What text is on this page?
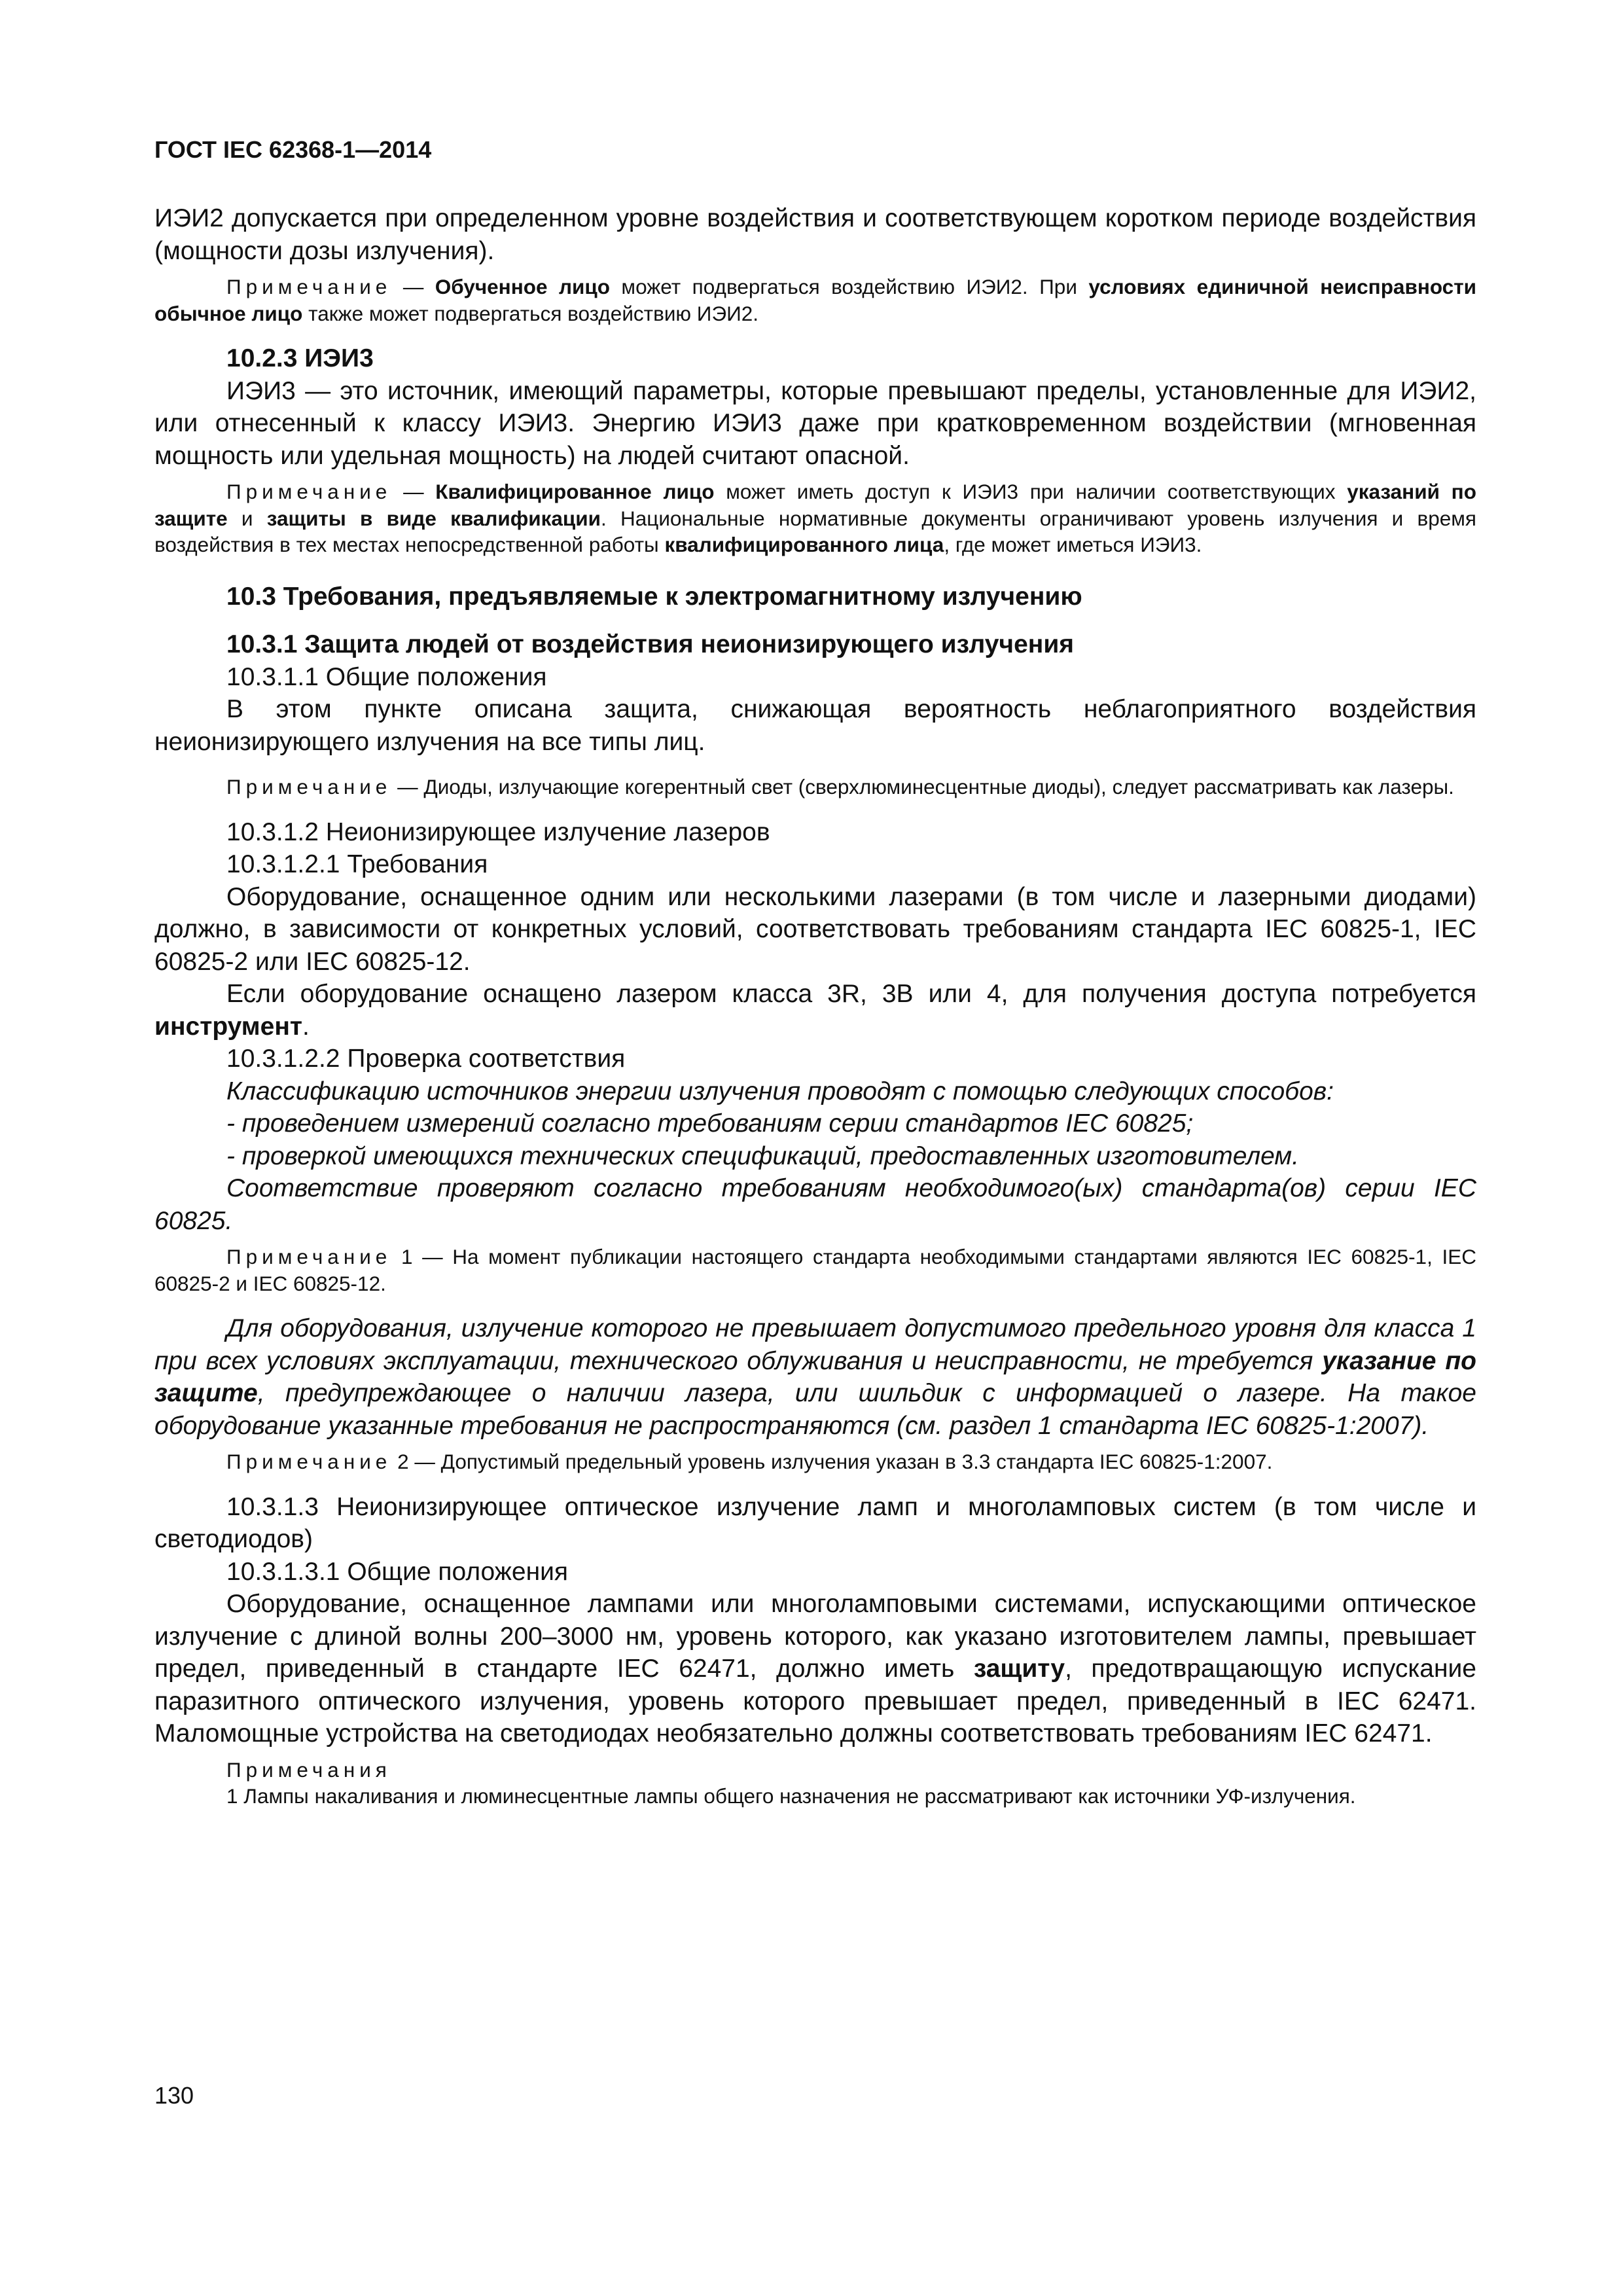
ГОСТ IEC 62368-1—2014

ИЭИ2 допускается при определенном уровне воздействия и соответствующем коротком периоде воздействия (мощности дозы излучения).

Примечание — Обученное лицо может подвергаться воздействию ИЭИ2. При условиях единичной неисправности обычное лицо также может подвергаться воздействию ИЭИ2.

10.2.3 ИЭИ3

ИЭИ3 — это источник, имеющий параметры, которые превышают пределы, установленные для ИЭИ2, или отнесенный к классу ИЭИ3. Энергию ИЭИ3 даже при кратковременном воздействии (мгновенная мощность или удельная мощность) на людей считают опасной.

Примечание — Квалифицированное лицо может иметь доступ к ИЭИ3 при наличии соответствующих указаний по защите и защиты в виде квалификации. Национальные нормативные документы ограничивают уровень излучения и время воздействия в тех местах непосредственной работы квалифицированного лица, где может иметься ИЭИ3.

10.3 Требования, предъявляемые к электромагнитному излучению

10.3.1 Защита людей от воздействия неионизирующего излучения

10.3.1.1 Общие положения

В этом пункте описана защита, снижающая вероятность неблагоприятного воздействия неионизирующего излучения на все типы лиц.

Примечание — Диоды, излучающие когерентный свет (сверхлюминесцентные диоды), следует рассматривать как лазеры.

10.3.1.2 Неионизирующее излучение лазеров

10.3.1.2.1 Требования

Оборудование, оснащенное одним или несколькими лазерами (в том числе и лазерными диодами) должно, в зависимости от конкретных условий, соответствовать требованиям стандарта IEC 60825-1, IEC 60825-2 или IEC 60825-12.

Если оборудование оснащено лазером класса 3R, 3B или 4, для получения доступа потребуется инструмент.

10.3.1.2.2 Проверка соответствия

Классификацию источников энергии излучения проводят с помощью следующих способов:

- проведением измерений согласно требованиям серии стандартов IEC 60825;

- проверкой имеющихся технических спецификаций, предоставленных изготовителем.

Соответствие проверяют согласно требованиям необходимого(ых) стандарта(ов) серии IEC 60825.

Примечание 1 — На момент публикации настоящего стандарта необходимыми стандартами являются IEC 60825-1, IEC 60825-2 и IEC 60825-12.

Для оборудования, излучение которого не превышает допустимого предельного уровня для класса 1 при всех условиях эксплуатации, технического облуживания и неисправности, не требуется указание по защите, предупреждающее о наличии лазера, или шильдик с информацией о лазере. На такое оборудование указанные требования не распространяются (см. раздел 1 стандарта IEC 60825-1:2007).

Примечание 2 — Допустимый предельный уровень излучения указан в 3.3 стандарта IEC 60825-1:2007.

10.3.1.3 Неионизирующее оптическое излучение ламп и многоламповых систем (в том числе и светодиодов)

10.3.1.3.1 Общие положения

Оборудование, оснащенное лампами или многоламповыми системами, испускающими оптическое излучение с длиной волны 200–3000 нм, уровень которого, как указано изготовителем лампы, превышает предел, приведенный в стандарте IEC 62471, должно иметь защиту, предотвращающую испускание паразитного оптического излучения, уровень которого превышает предел, приведенный в IEC 62471. Маломощные устройства на светодиодах необязательно должны соответствовать требованиям IEC 62471.

Примечания

1 Лампы накаливания и люминесцентные лампы общего назначения не рассматривают как источники УФ-излучения.

130
